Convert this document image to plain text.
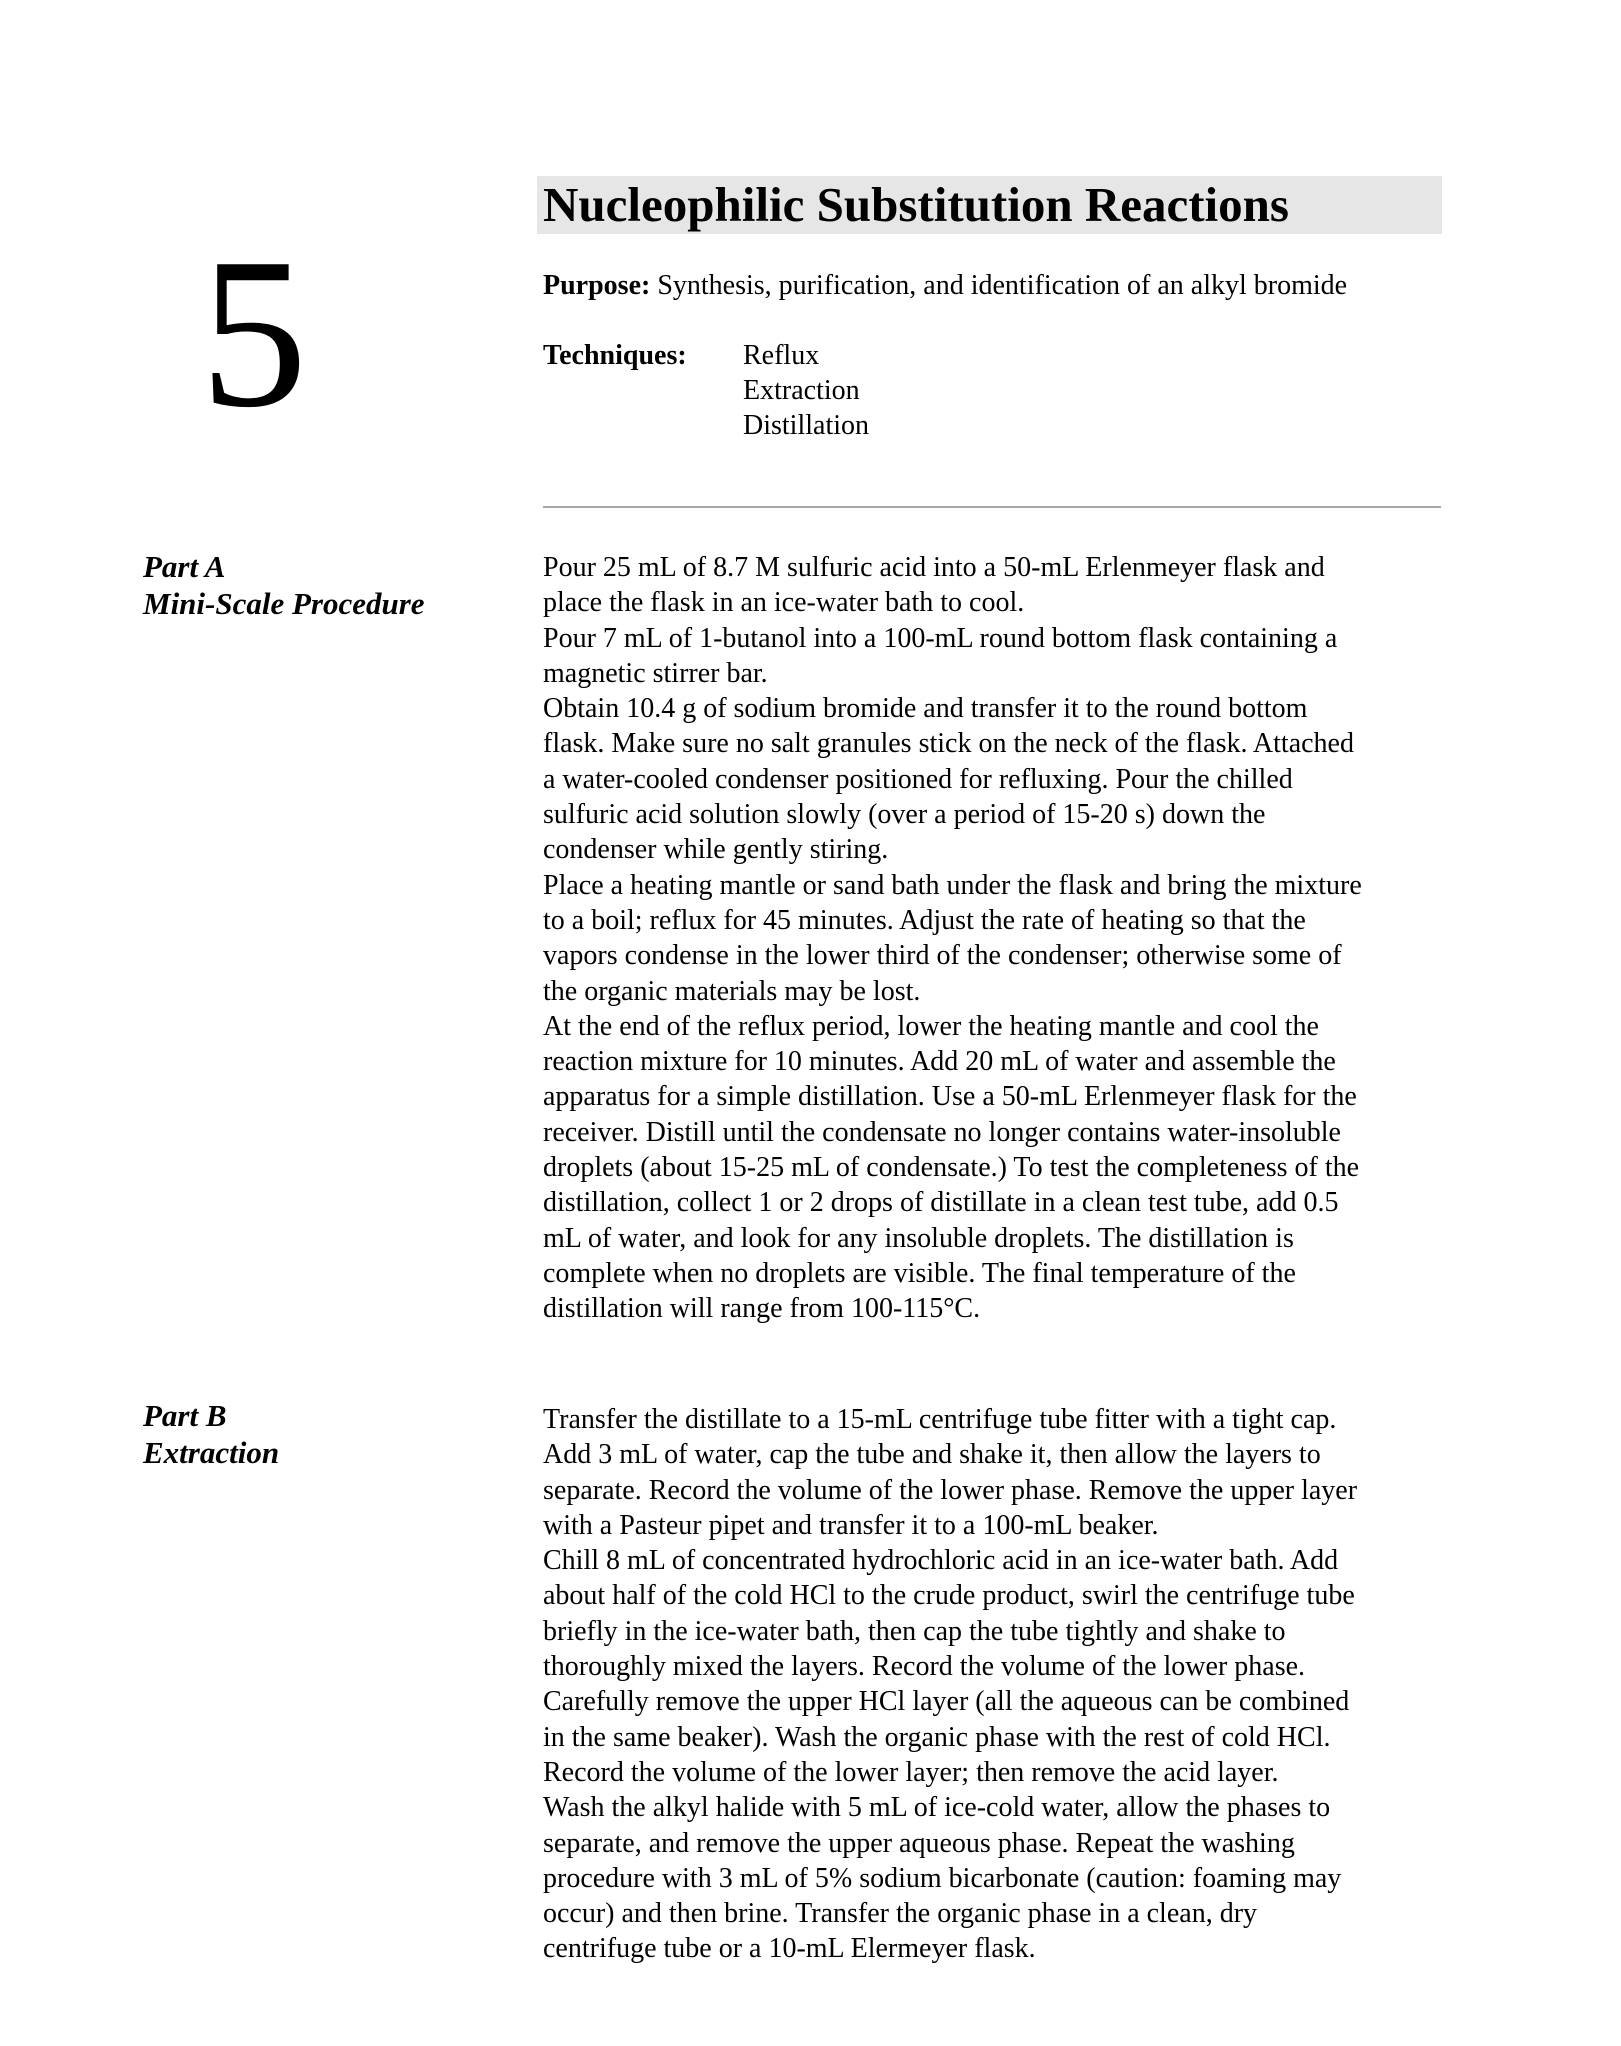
5
Nucleophilic Substitution Reactions
Purpose: Synthesis, purification, and identification of an alkyl bromide
Techniques:	Reflux
Extraction
Distillation
Part A
Mini-Scale Procedure
Pour 25 mL of 8.7 M sulfuric acid into a 50-mL Erlenmeyer flask and
place the flask in an ice-water bath to cool.
Pour 7 mL of 1-butanol into a 100-mL round bottom flask containing a
magnetic stirrer bar.
Obtain 10.4 g of sodium bromide and transfer it to the round bottom
flask. Make sure no salt granules stick on the neck of the flask. Attached
a water-cooled condenser positioned for refluxing. Pour the chilled
sulfuric acid solution slowly (over a period of 15-20 s) down the
condenser while gently stiring.
Place a heating mantle or sand bath under the flask and bring the mixture
to a boil; reflux for 45 minutes. Adjust the rate of heating so that the
vapors condense in the lower third of the condenser; otherwise some of
the organic materials may be lost.
At the end of the reflux period, lower the heating mantle and cool the
reaction mixture for 10 minutes. Add 20 mL of water and assemble the
apparatus for a simple distillation. Use a 50-mL Erlenmeyer flask for the
receiver. Distill until the condensate no longer contains water-insoluble
droplets (about 15-25 mL of condensate.) To test the completeness of the
distillation, collect 1 or 2 drops of distillate in a clean test tube, add 0.5
mL of water, and look for any insoluble droplets. The distillation is
complete when no droplets are visible. The final temperature of the
distillation will range from 100-115°C.
Part B
Extraction
Transfer the distillate to a 15-mL centrifuge tube fitter with a tight cap.
Add 3 mL of water, cap the tube and shake it, then allow the layers to
separate. Record the volume of the lower phase. Remove the upper layer
with a Pasteur pipet and transfer it to a 100-mL beaker.
Chill 8 mL of concentrated hydrochloric acid in an ice-water bath. Add
about half of the cold HCl to the crude product, swirl the centrifuge tube
briefly in the ice-water bath, then cap the tube tightly and shake to
thoroughly mixed the layers. Record the volume of the lower phase.
Carefully remove the upper HCl layer (all the aqueous can be combined
in the same beaker). Wash the organic phase with the rest of cold HCl.
Record the volume of the lower layer; then remove the acid layer.
Wash the alkyl halide with 5 mL of ice-cold water, allow the phases to
separate, and remove the upper aqueous phase. Repeat the washing
procedure with 3 mL of 5% sodium bicarbonate (caution: foaming may
occur) and then brine. Transfer the organic phase in a clean, dry
centrifuge tube or a 10-mL Elermeyer flask.
